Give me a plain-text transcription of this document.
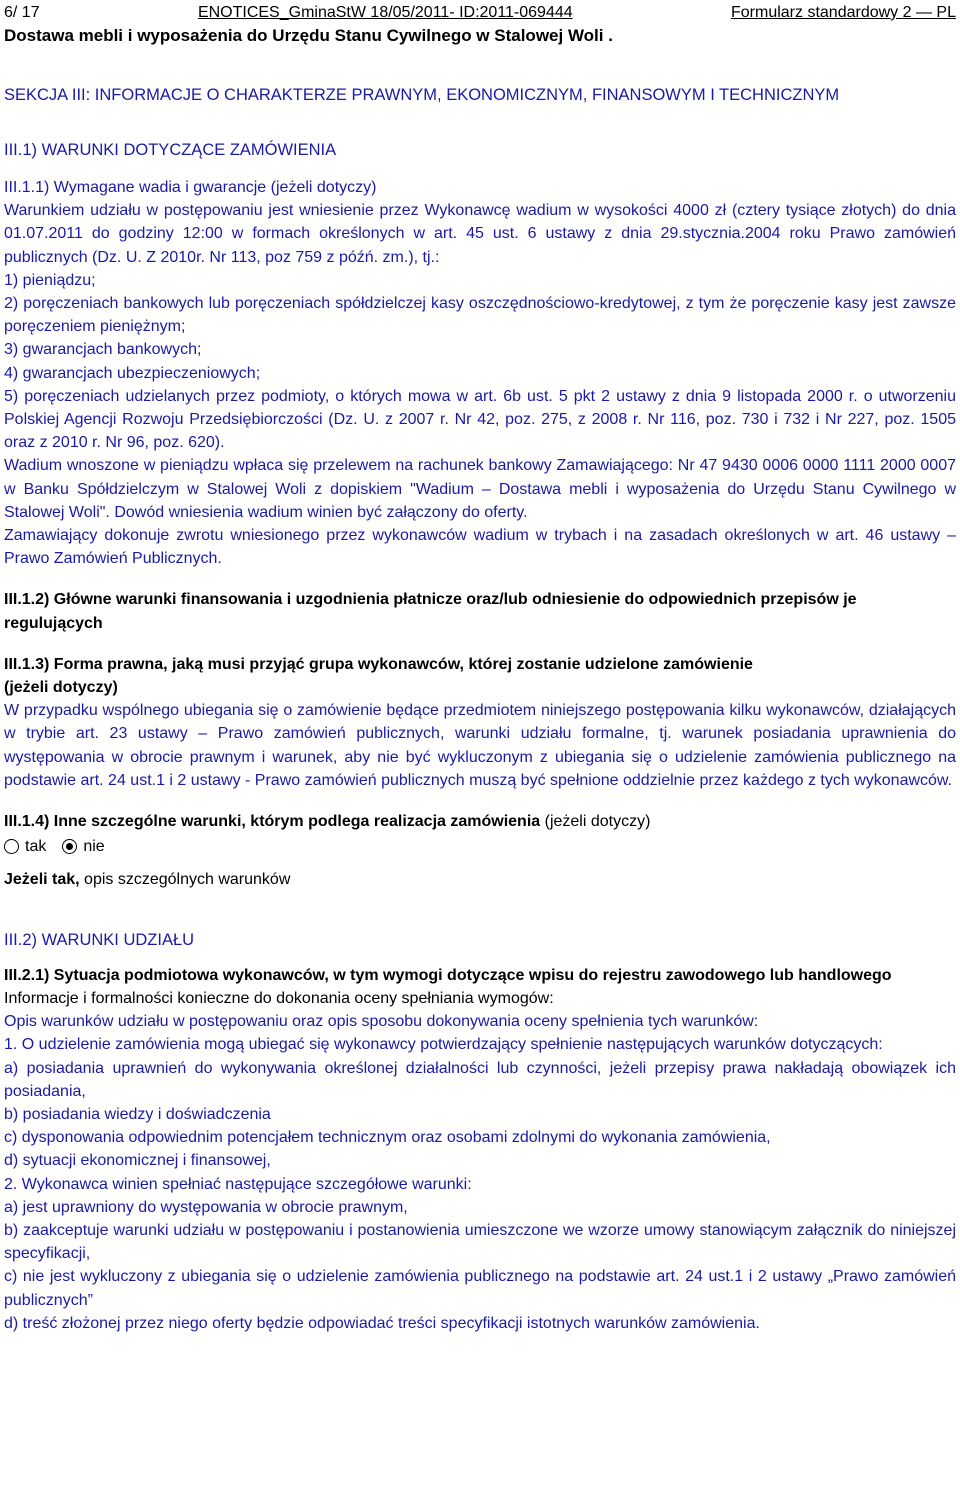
6/ 17	ENOTICES_GminaStW 18/05/2011- ID:2011-069444	Formularz standardowy 2 — PL
Dostawa mebli i wyposażenia do Urzędu Stanu Cywilnego w Stalowej Woli .
SEKCJA III: INFORMACJE O CHARAKTERZE PRAWNYM, EKONOMICZNYM, FINANSOWYM I TECHNICZNYM
III.1) WARUNKI DOTYCZĄCE ZAMÓWIENIA

III.1.1) Wymagane wadia i gwarancje (jeżeli dotyczy)

Warunkiem udziału w postępowaniu jest wniesienie przez Wykonawcę wadium w wysokości 4000 zł (cztery tysiące złotych) do dnia 01.07.2011 do godziny 12:00 w formach określonych w art. 45 ust. 6 ustawy z dnia 29.stycznia.2004 roku Prawo zamówień publicznych (Dz. U. Z 2010r. Nr 113, poz 759 z późń. zm.), tj.:

1) pieniądzu;

2) poręczeniach bankowych lub poręczeniach spółdzielczej kasy oszczędnościowo-kredytowej, z tym że poręczenie kasy jest zawsze poręczeniem pieniężnym;

3) gwarancjach bankowych;

4) gwarancjach ubezpieczeniowych;

5) poręczeniach udzielanych przez podmioty, o których mowa w art. 6b ust. 5 pkt 2 ustawy z dnia 9 listopada 2000 r. o utworzeniu Polskiej Agencji Rozwoju Przedsiębiorczości (Dz. U. z 2007 r. Nr 42, poz. 275, z 2008 r. Nr 116, poz. 730 i 732 i Nr 227, poz. 1505 oraz z 2010 r. Nr 96, poz. 620).

Wadium wnoszone w pieniądzu wpłaca się przelewem na rachunek bankowy Zamawiającego: Nr 47 9430 0006 0000 1111 2000 0007 w Banku Spółdzielczym w Stalowej Woli z dopiskiem "Wadium – Dostawa mebli i wyposażenia do Urzędu Stanu Cywilnego w Stalowej Woli". Dowód wniesienia wadium winien być załączony do oferty.

Zamawiający dokonuje zwrotu wniesionego przez wykonawców wadium w trybach i na zasadach określonych w art. 46 ustawy – Prawo Zamówień Publicznych.

III.1.2) Główne warunki finansowania i uzgodnienia płatnicze oraz/lub odniesienie do odpowiednich przepisów je regulujących

III.1.3) Forma prawna, jaką musi przyjąć grupa wykonawców, której zostanie udzielone zamówienie

(jeżeli dotyczy)

W przypadku wspólnego ubiegania się o zamówienie będące przedmiotem niniejszego postępowania kilku wykonawców, działających w trybie art. 23 ustawy – Prawo zamówień publicznych, warunki udziału formalne, tj. warunek posiadania uprawnienia do występowania w obrocie prawnym i warunek, aby nie być wykluczonym z ubiegania się o udzielenie zamówienia publicznego na podstawie art. 24 ust.1 i 2 ustawy - Prawo zamówień publicznych muszą być spełnione oddzielnie przez każdego z tych wykonawców.

III.1.4) Inne szczególne warunki, którym podlega realizacja zamówienia (jeżeli dotyczy)

tak nie

Jeżeli tak, opis szczególnych warunków

III.2) WARUNKI UDZIAŁU

III.2.1) Sytuacja podmiotowa wykonawców, w tym wymogi dotyczące wpisu do rejestru zawodowego lub handlowego

Informacje i formalności konieczne do dokonania oceny spełniania wymogów:

Opis warunków udziału w postępowaniu oraz opis sposobu dokonywania oceny spełnienia tych warunków:

1. O udzielenie zamówienia mogą ubiegać się wykonawcy potwierdzający spełnienie następujących warunków dotyczących:

a) posiadania uprawnień do wykonywania określonej działalności lub czynności, jeżeli przepisy prawa nakładają obowiązek ich posiadania,

b) posiadania wiedzy i doświadczenia

c) dysponowania odpowiednim potencjałem technicznym oraz osobami zdolnymi do wykonania zamówienia,

d) sytuacji ekonomicznej i finansowej,

2. Wykonawca winien spełniać następujące szczegółowe warunki:

a) jest uprawniony do występowania w obrocie prawnym,

b) zaakceptuje warunki udziału w postępowaniu i postanowienia umieszczone we wzorze umowy stanowiącym załącznik do niniejszej specyfikacji,

c) nie jest wykluczony z ubiegania się o udzielenie zamówienia publicznego na podstawie art. 24 ust.1 i 2 ustawy „Prawo zamówień publicznych”

d) treść złożonej przez niego oferty będzie odpowiadać treści specyfikacji istotnych warunków zamówienia.
